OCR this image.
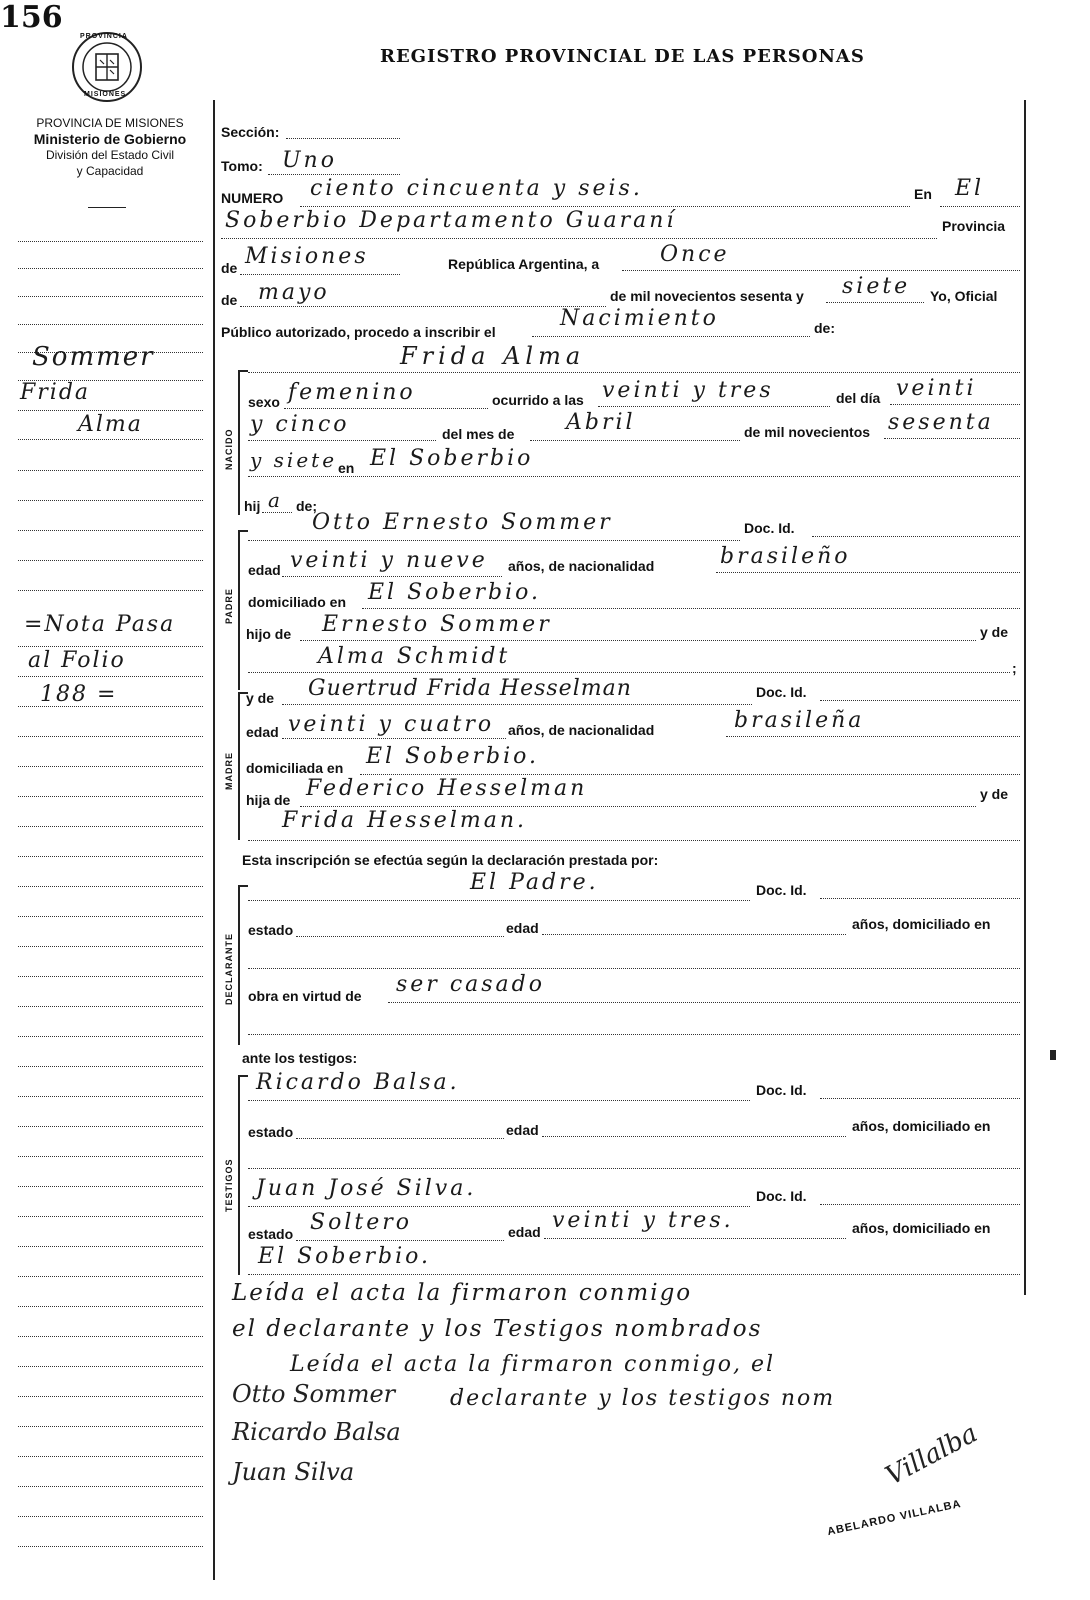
156
REGISTRO PROVINCIAL DE LAS PERSONAS
PROVINCIA
MISIONES
PROVINCIA DE MISIONES
Ministerio de Gobierno
División del Estado Civil
y Capacidad
Sommer
Frida
Alma
=Nota Pasa
al Folio
188 =
NACIDO
PADRE
MADRE
DECLARANTE
TESTIGOS
Sección:
Tomo: Uno
NUMERO ciento cincuenta y seis.	En El
Soberbio Departamento Guaraní	Provincia
de Misiones	República Argentina, a	Once
de mayo	de mil novecientos sesenta y siete Yo, Oficial
Público autorizado, procedo a inscribir el
Nacimiento	de:
Frida Alma
sexo femenino	ocurrido a las veinti y tres	del día veinti
y cinco	del mes de Abril	de mil novecientos sesenta
y siete en El Soberbio
hij a de;
Otto Ernesto Sommer	Doc. Id.
edad veinti y nueve años, de nacionalidad	brasileño
domiciliado en El Soberbio.
hijo de Ernesto Sommer	y de
Alma Schmidt	;
y de Guertrud Frida Hesselman	Doc. Id.
edad veinti y cuatro años, de nacionalidad	brasileña
domiciliada en El Soberbio.
hija de Federico Hesselman	y de
Frida Hesselman.
Esta inscripción se efectúa según la declaración prestada por:
El Padre.	Doc. Id.
estado	edad	años, domiciliado en
obra en virtud de ser casado
ante los testigos:
Ricardo Balsa.	Doc. Id.
estado	edad	años, domiciliado en
Juan José Silva.	Doc. Id.
estado Soltero	edad veinti y tres.	años, domiciliado en
El Soberbio.
Leída el acta la firmaron conmigo
el declarante y los Testigos nombrados
Leída el acta la firmaron conmigo, el
declarante y los testigos nom
Otto Sommer
Ricardo Balsa
Juan Silva	Villalba
ABELARDO VILLALBA
